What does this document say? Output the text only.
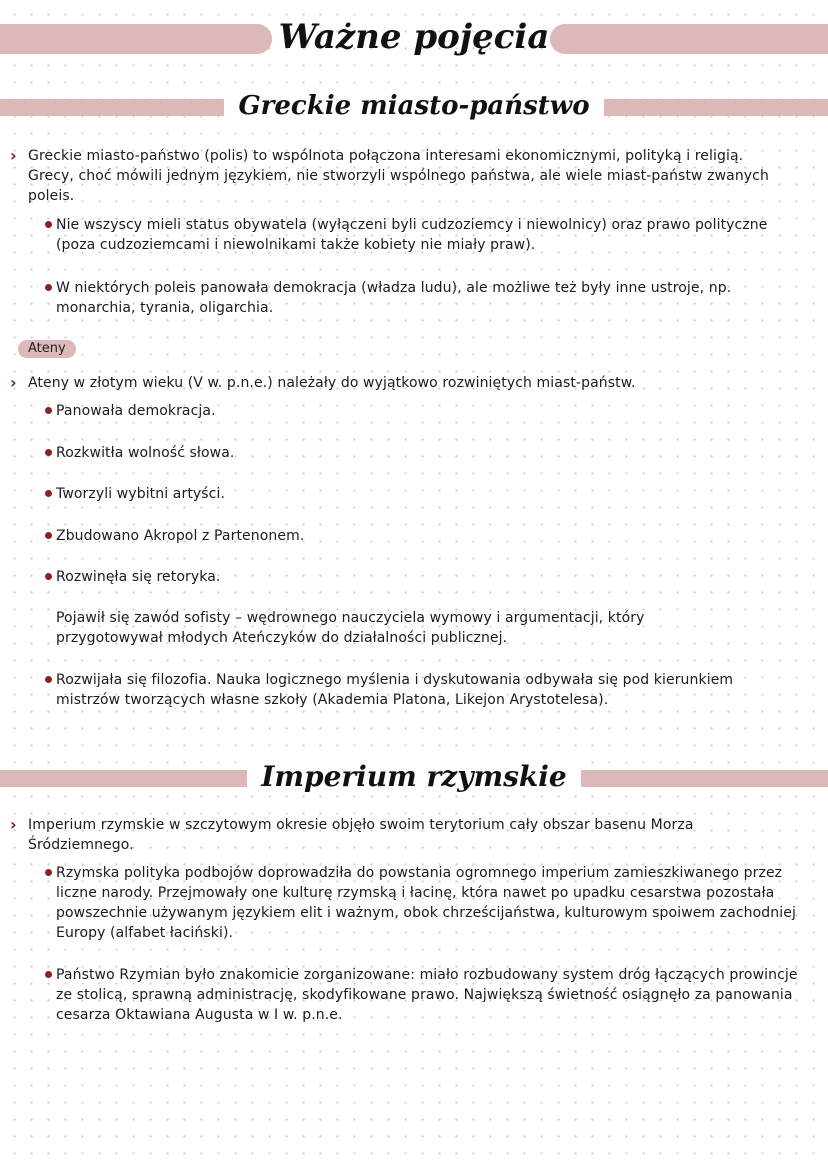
Ważne pojęcia
Greckie miasto-państwo
› Greckie miasto-państwo (polis) to wspólnota połączona interesami ekonomicznymi, polityką i religią. Grecy, choć mówili jednym językiem, nie stworzyli wspólnego państwa, ale wiele miast-państw zwanych poleis.
Nie wszyscy mieli status obywatela (wyłączeni byli cudzoziemcy i niewolnicy) oraz prawo polityczne (poza cudzoziemcami i niewolnikami także kobiety nie miały praw).
W niektórych poleis panowała demokracja (władza ludu), ale możliwe też były inne ustroje, np. monarchia, tyrania, oligarchia.
Ateny
› Ateny w złotym wieku (V w. p.n.e.) należały do wyjątkowo rozwiniętych miast-państw.
Panowała demokracja.
Rozkwitła wolność słowa.
Tworzyli wybitni artyści.
Zbudowano Akropol z Partenonem.
Rozwinęła się retoryka.
Pojawił się zawód sofisty – wędrownego nauczyciela wymowy i argumentacji, który przygotowywał młodych Ateńczyków do działalności publicznej.
Rozwijała się filozofia. Nauka logicznego myślenia i dyskutowania odbywała się pod kierunkiem mistrzów tworzących własne szkoły (Akademia Platona, Likejon Arystotelesa).
Imperium rzymskie
› Imperium rzymskie w szczytowym okresie objęło swoim terytorium cały obszar basenu Morza Śródziemnego.
Rzymska polityka podbojów doprowadziła do powstania ogromnego imperium zamieszkiwanego przez liczne narody. Przejmowały one kulturę rzymską i łacinę, która nawet po upadku cesarstwa pozostała powszechnie używanym językiem elit i ważnym, obok chrześcijaństwa, kulturowym spoiwem zachodniej Europy (alfabet łaciński).
Państwo Rzymian było znakomicie zorganizowane: miało rozbudowany system dróg łączących prowincje ze stolicą, sprawną administrację, skodyfikowane prawo. Największą świetność osiągnęło za panowania cesarza Oktawiana Augusta w I w. p.n.e.
